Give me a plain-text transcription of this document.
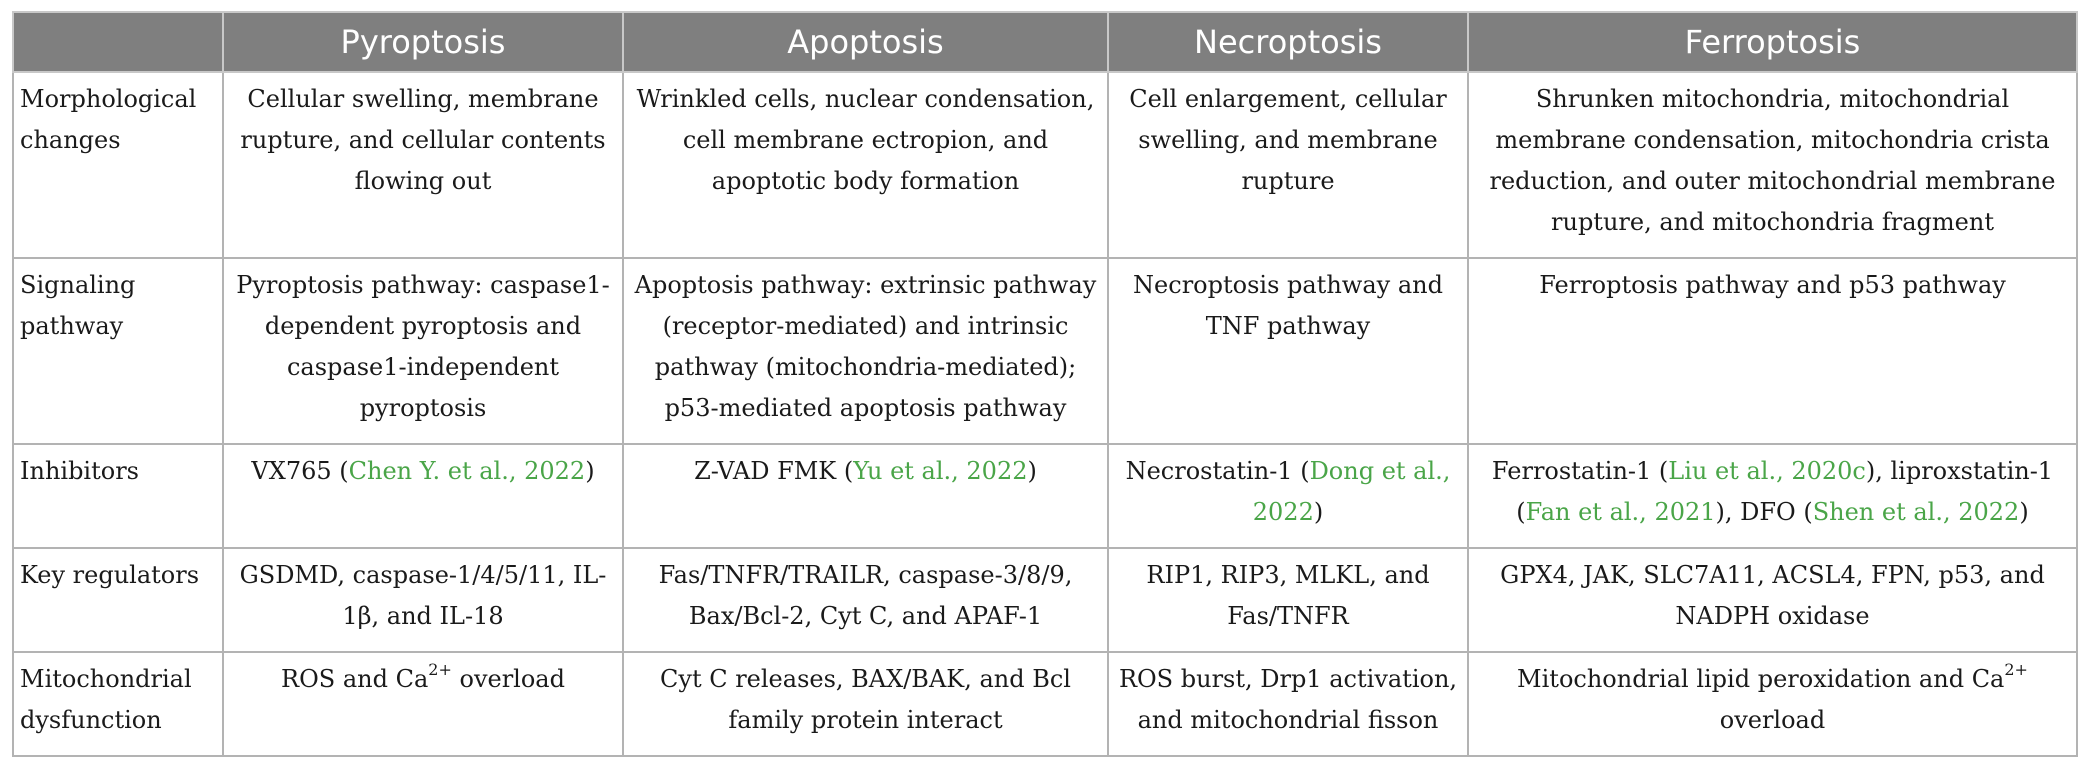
	Pyroptosis	Apoptosis	Necroptosis	Ferroptosis
Morphological changes	Cellular swelling, membrane rupture, and cellular contents flowing out	Wrinkled cells, nuclear condensation, cell membrane ectropion, and apoptotic body formation	Cell enlargement, cellular swelling, and membrane rupture	Shrunken mitochondria, mitochondrial membrane condensation, mitochondria crista reduction, and outer mitochondrial membrane rupture, and mitochondria fragment
Signaling pathway	Pyroptosis pathway: caspase1-dependent pyroptosis and caspase1-independent pyroptosis	Apoptosis pathway: extrinsic pathway (receptor-mediated) and intrinsic pathway (mitochondria-mediated); p53-mediated apoptosis pathway	Necroptosis pathway and TNF pathway	Ferroptosis pathway and p53 pathway
Inhibitors	VX765 (Chen Y. et al., 2022)	Z-VAD FMK (Yu et al., 2022)	Necrostatin-1 (Dong et al., 2022)	Ferrostatin-1 (Liu et al., 2020c), liproxstatin-1 (Fan et al., 2021), DFO (Shen et al., 2022)
Key regulators	GSDMD, caspase-1/4/5/11, IL-1β, and IL-18	Fas/TNFR/TRAILR, caspase-3/8/9, Bax/Bcl-2, Cyt C, and APAF-1	RIP1, RIP3, MLKL, and Fas/TNFR	GPX4, JAK, SLC7A11, ACSL4, FPN, p53, and NADPH oxidase
Mitochondrial dysfunction	ROS and $Ca^{2+}$ overload	Cyt C releases, BAX/BAK, and Bcl family protein interact	ROS burst, Drp1 activation, and mitochondrial fisson	Mitochondrial lipid peroxidation and $Ca^{2+}$ overload
